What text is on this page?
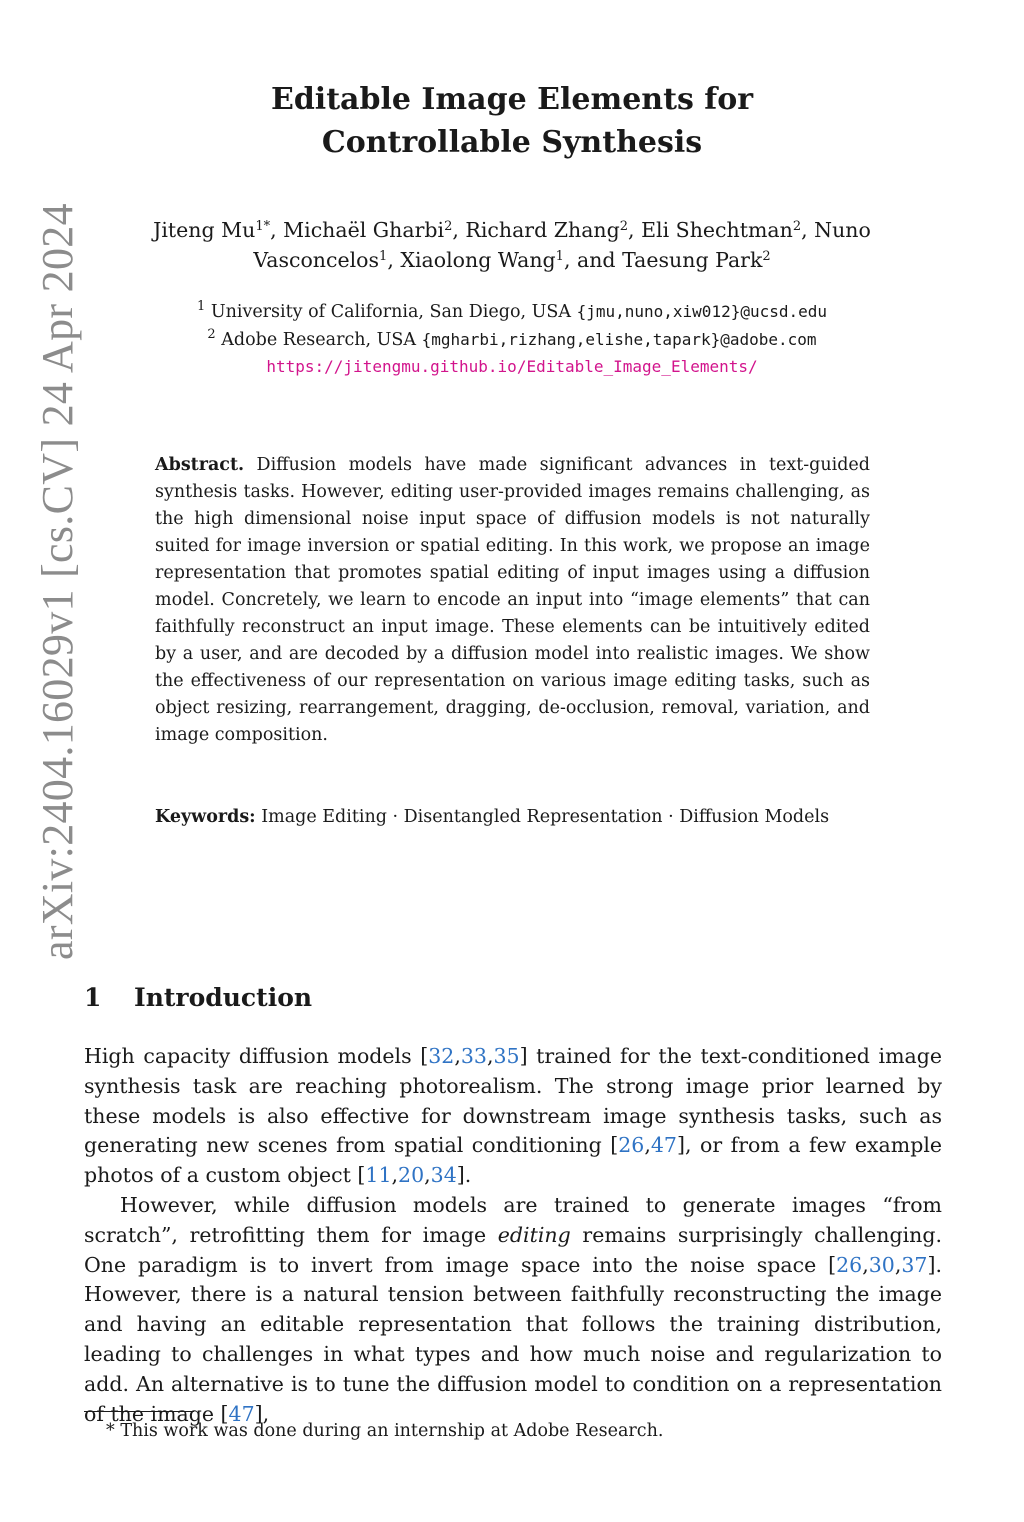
arXiv:2404.16029v1 [cs.CV] 24 Apr 2024
Editable Image Elements for
Controllable Synthesis
Jiteng $Mu^{1*}$, Michaël Gharbi$^2$, Richard Zhang$^2$, Eli Shechtman$^2$, Nuno Vasconcelos$^1$, Xiaolong Wang$^1$, and Taesung Park$^2$
$^1$ University of California, San Diego, USA {jmu,nuno,xiw012}@ucsd.edu
$^2$ Adobe Research, USA {mgharbi,rizhang,elishe,tapark}@adobe.com
https://jitengmu.github.io/Editable_Image_Elements/
Abstract. Diffusion models have made significant advances in text-guided synthesis tasks. However, editing user-provided images remains challenging, as the high dimensional noise input space of diffusion models is not naturally suited for image inversion or spatial editing. In this work, we propose an image representation that promotes spatial editing of input images using a diffusion model. Concretely, we learn to encode an input into “image elements” that can faithfully reconstruct an input image. These elements can be intuitively edited by a user, and are decoded by a diffusion model into realistic images. We show the effectiveness of our representation on various image editing tasks, such as object resizing, rearrangement, dragging, de-occlusion, removal, variation, and image composition.
Keywords: Image Editing · Disentangled Representation · Diffusion Models
1 Introduction

High capacity diffusion models [32,33,35] trained for the text-conditioned image synthesis task are reaching photorealism. The strong image prior learned by these models is also effective for downstream image synthesis tasks, such as generating new scenes from spatial conditioning [26,47], or from a few example photos of a custom object [11,20,34].

However, while diffusion models are trained to generate images “from scratch”, retrofitting them for image editing remains surprisingly challenging. One paradigm is to invert from image space into the noise space [26,30,37]. However, there is a natural tension between faithfully reconstructing the image and having an editable representation that follows the training distribution, leading to challenges in what types and how much noise and regularization to add. An alternative is to tune the diffusion model to condition on a representation of the image [47],

* This work was done during an internship at Adobe Research.
